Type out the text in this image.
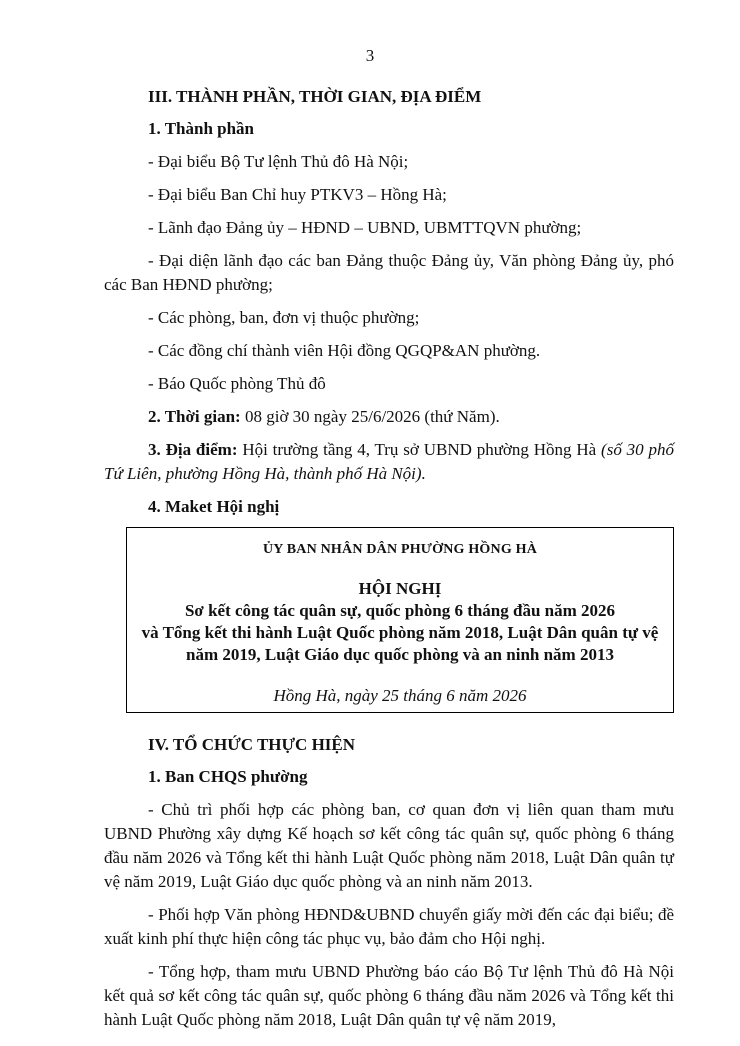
3
III. THÀNH PHẦN, THỜI GIAN, ĐỊA ĐIỂM
1. Thành phần

- Đại biểu Bộ Tư lệnh Thủ đô Hà Nội;

- Đại biểu Ban Chỉ huy PTKV3 – Hồng Hà;

- Lãnh đạo Đảng ủy – HĐND – UBND, UBMTTQVN phường;

- Đại diện lãnh đạo các ban Đảng thuộc Đảng ủy, Văn phòng Đảng ủy, phó các Ban HĐND phường;

- Các phòng, ban, đơn vị thuộc phường;

- Các đồng chí thành viên Hội đồng QGQP&AN phường.

- Báo Quốc phòng Thủ đô

2. Thời gian: 08 giờ 30 ngày 25/6/2026 (thứ Năm).

3. Địa điểm: Hội trường tầng 4, Trụ sở UBND phường Hồng Hà (số 30 phố Tứ Liên, phường Hồng Hà, thành phố Hà Nội).

4. Maket Hội nghị
ỦY BAN NHÂN DÂN PHƯỜNG HỒNG HÀ
HỘI NGHỊ
Sơ kết công tác quân sự, quốc phòng 6 tháng đầu năm 2026
và Tổng kết thi hành Luật Quốc phòng năm 2018, Luật Dân quân tự vệ
năm 2019, Luật Giáo dục quốc phòng và an ninh năm 2013
Hồng Hà, ngày 25 tháng 6 năm 2026
IV. TỔ CHỨC THỰC HIỆN
1. Ban CHQS phường

- Chủ trì phối hợp các phòng ban, cơ quan đơn vị liên quan tham mưu UBND Phường xây dựng Kế hoạch sơ kết công tác quân sự, quốc phòng 6 tháng đầu năm 2026 và Tổng kết thi hành Luật Quốc phòng năm 2018, Luật Dân quân tự vệ năm 2019, Luật Giáo dục quốc phòng và an ninh năm 2013.

- Phối hợp Văn phòng HĐND&UBND chuyển giấy mời đến các đại biểu; đề xuất kinh phí thực hiện công tác phục vụ, bảo đảm cho Hội nghị.

- Tổng hợp, tham mưu UBND Phường báo cáo Bộ Tư lệnh Thủ đô Hà Nội kết quả sơ kết công tác quân sự, quốc phòng 6 tháng đầu năm 2026 và Tổng kết thi hành Luật Quốc phòng năm 2018, Luật Dân quân tự vệ năm 2019,
